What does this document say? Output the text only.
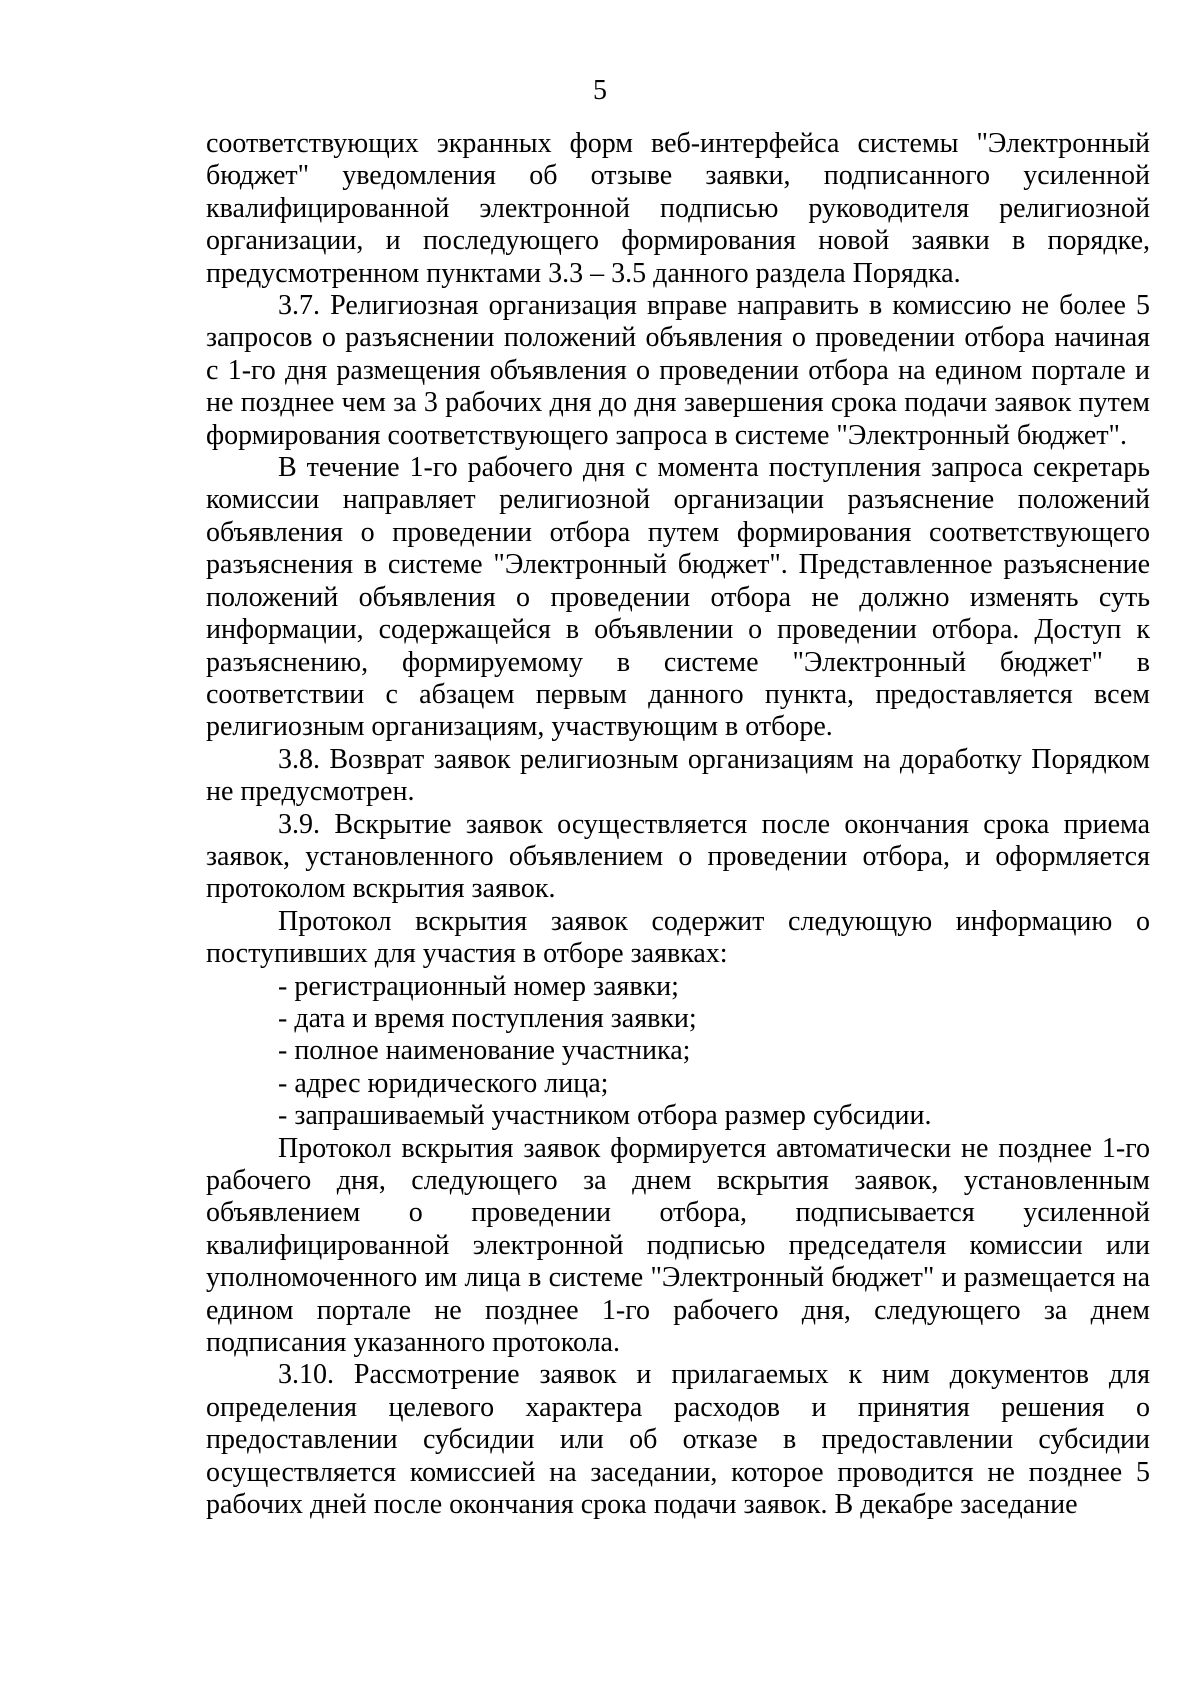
5

соответствующих экранных форм веб-интерфейса системы "Электронный бюджет" уведомления об отзыве заявки, подписанного усиленной квалифицированной электронной подписью руководителя религиозной организации, и последующего формирования новой заявки в порядке, предусмотренном пунктами 3.3 – 3.5 данного раздела Порядка.

3.7. Религиозная организация вправе направить в комиссию не более 5 запросов о разъяснении положений объявления о проведении отбора начиная с 1-го дня размещения объявления о проведении отбора на едином портале и не позднее чем за 3 рабочих дня до дня завершения срока подачи заявок путем формирования соответствующего запроса в системе "Электронный бюджет".

В течение 1-го рабочего дня с момента поступления запроса секретарь комиссии направляет религиозной организации разъяснение положений объявления о проведении отбора путем формирования соответствующего разъяснения в системе "Электронный бюджет". Представленное разъяснение положений объявления о проведении отбора не должно изменять суть информации, содержащейся в объявлении о проведении отбора. Доступ к разъяснению, формируемому в системе "Электронный бюджет" в соответствии с абзацем первым данного пункта, предоставляется всем религиозным организациям, участвующим в отборе.

3.8. Возврат заявок религиозным организациям на доработку Порядком не предусмотрен.

3.9. Вскрытие заявок осуществляется после окончания срока приема заявок, установленного объявлением о проведении отбора, и оформляется протоколом вскрытия заявок.

Протокол вскрытия заявок содержит следующую информацию о поступивших для участия в отборе заявках:

- регистрационный номер заявки;

- дата и время поступления заявки;

- полное наименование участника;

- адрес юридического лица;

- запрашиваемый участником отбора размер субсидии.

Протокол вскрытия заявок формируется автоматически не позднее 1-го рабочего дня, следующего за днем вскрытия заявок, установленным объявлением о проведении отбора, подписывается усиленной квалифицированной электронной подписью председателя комиссии или уполномоченного им лица в системе "Электронный бюджет" и размещается на едином портале не позднее 1-го рабочего дня, следующего за днем подписания указанного протокола.

3.10. Рассмотрение заявок и прилагаемых к ним документов для определения целевого характера расходов и принятия решения о предоставлении субсидии или об отказе в предоставлении субсидии осуществляется комиссией на заседании, которое проводится не позднее 5 рабочих дней после окончания срока подачи заявок. В декабре заседание
